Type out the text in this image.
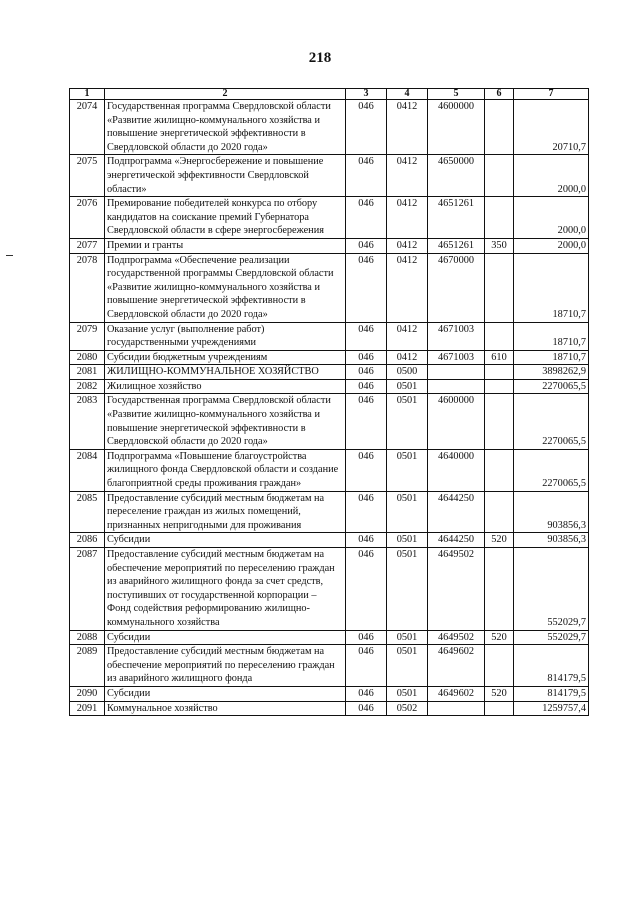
218
1	2	3	4	5	6	7
2074	Государственная программа Свердловской области «Развитие жилищно-коммунального хозяйства и повышение энергетической эффективности в Свердловской области до 2020 года»	046	0412	4600000		20710,7
2075	Подпрограмма «Энергосбережение и повышение энергетической эффективности Свердловской области»	046	0412	4650000		2000,0
2076	Премирование победителей конкурса по отбору кандидатов на соискание премий Губернатора Свердловской области в сфере энергосбережения	046	0412	4651261		2000,0
2077	Премии и гранты	046	0412	4651261	350	2000,0
2078	Подпрограмма «Обеспечение реализации государственной программы Свердловской области «Развитие жилищно-коммунального хозяйства и повышение энергетической эффективности в Свердловской области до 2020 года»	046	0412	4670000		18710,7
2079	Оказание услуг (выполнение работ) государственными учреждениями	046	0412	4671003		18710,7
2080	Субсидии бюджетным учреждениям	046	0412	4671003	610	18710,7
2081	ЖИЛИЩНО-КОММУНАЛЬНОЕ ХОЗЯЙСТВО	046	0500			3898262,9
2082	Жилищное хозяйство	046	0501			2270065,5
2083	Государственная программа Свердловской области «Развитие жилищно-коммунального хозяйства и повышение энергетической эффективности в Свердловской области до 2020 года»	046	0501	4600000		2270065,5
2084	Подпрограмма «Повышение благоустройства жилищного фонда Свердловской области и создание благоприятной среды проживания граждан»	046	0501	4640000		2270065,5
2085	Предоставление субсидий местным бюджетам на переселение граждан из жилых помещений, признанных непригодными для проживания	046	0501	4644250		903856,3
2086	Субсидии	046	0501	4644250	520	903856,3
2087	Предоставление субсидий местным бюджетам на обеспечение мероприятий по переселению граждан из аварийного жилищного фонда за счет средств, поступивших от государственной корпорации – Фонд содействия реформированию жилищно-коммунального хозяйства	046	0501	4649502		552029,7
2088	Субсидии	046	0501	4649502	520	552029,7
2089	Предоставление субсидий местным бюджетам на обеспечение мероприятий по переселению граждан из аварийного жилищного фонда	046	0501	4649602		814179,5
2090	Субсидии	046	0501	4649602	520	814179,5
2091	Коммунальное хозяйство	046	0502			1259757,4
